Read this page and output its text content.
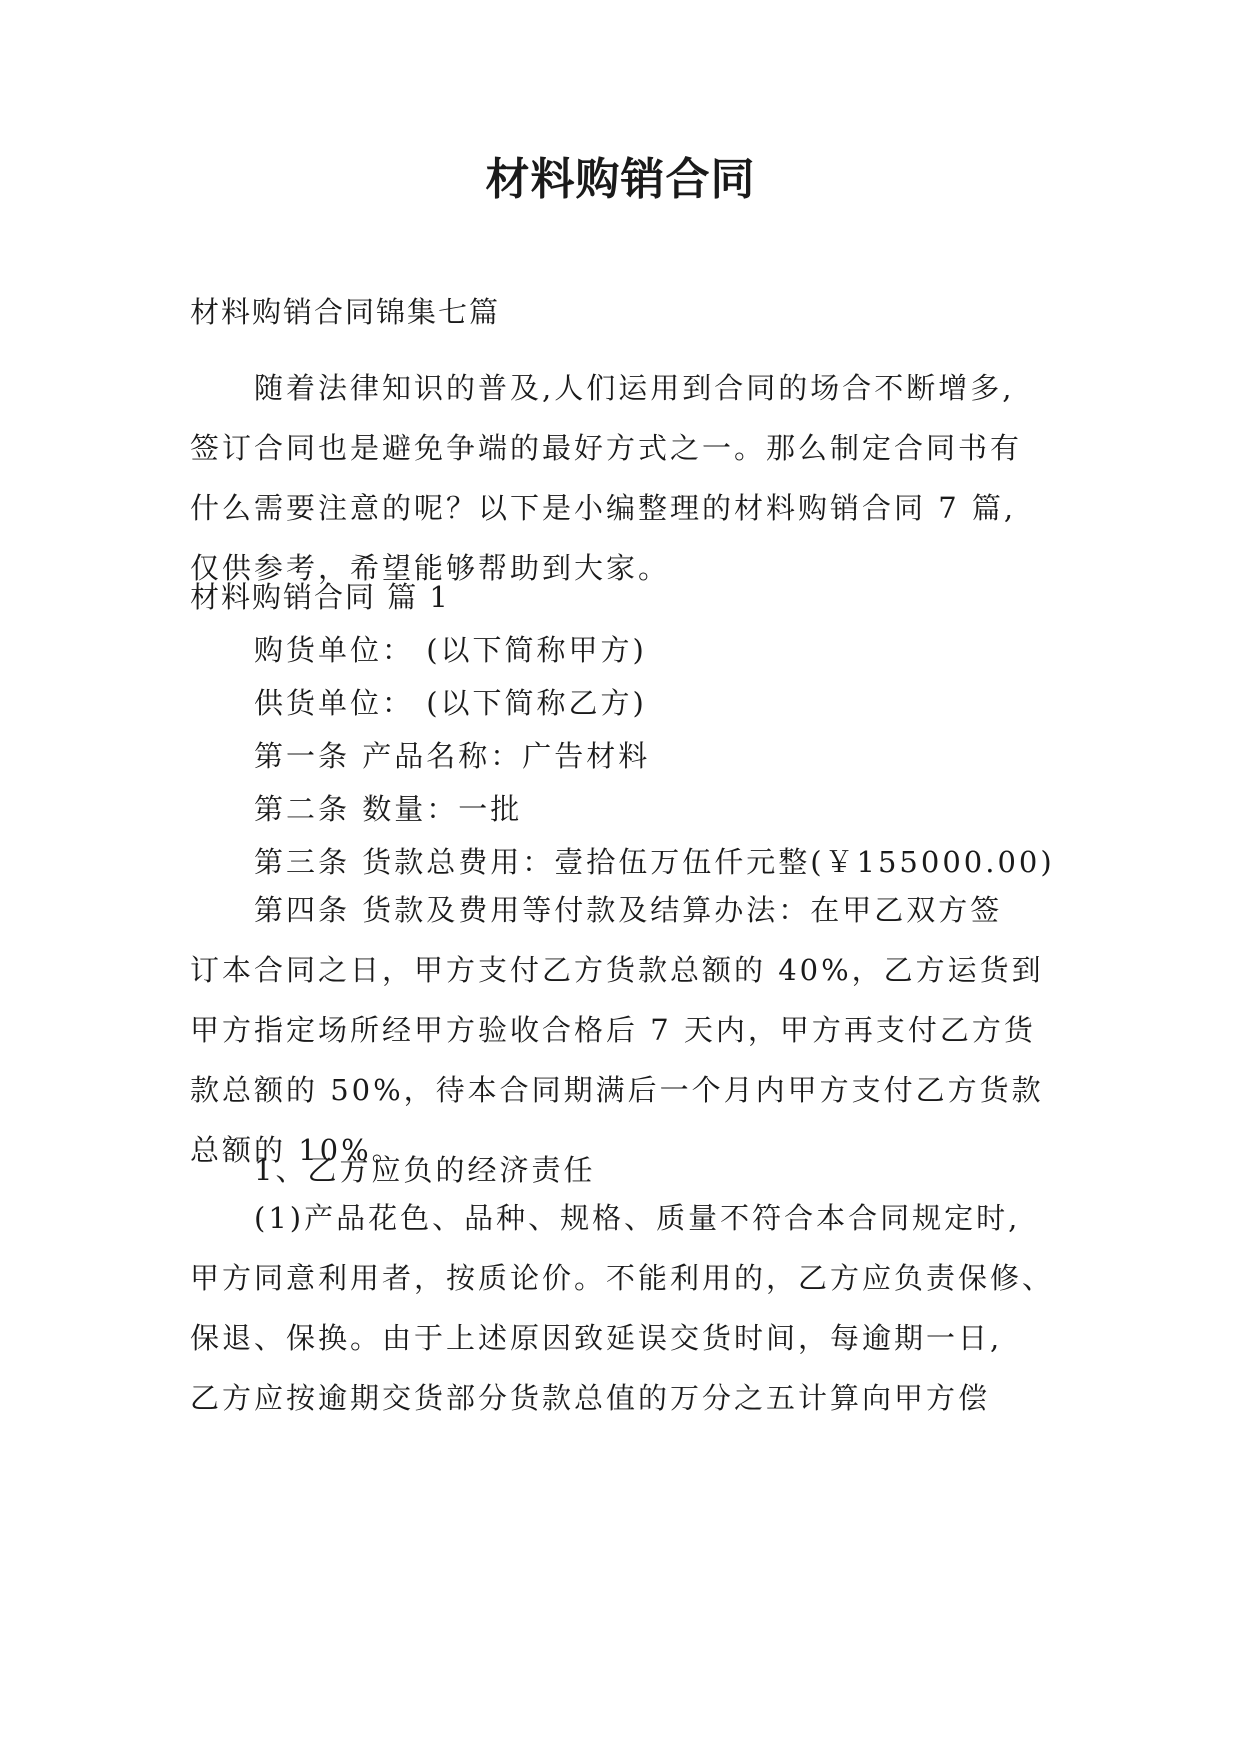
材料购销合同
材料购销合同锦集七篇
随着法律知识的普及,人们运用到合同的场合不断增多,
签订合同也是避免争端的最好方式之一。那么制定合同书有
什么需要注意的呢？以下是小编整理的材料购销合同 7 篇,
仅供参考，希望能够帮助到大家。
材料购销合同 篇 1
购货单位： (以下简称甲方)
供货单位： (以下简称乙方)
第一条 产品名称：广告材料
第二条 数量：一批
第三条 货款总费用：壹拾伍万伍仟元整(￥155000.00)
第四条 货款及费用等付款及结算办法：在甲乙双方签
订本合同之日，甲方支付乙方货款总额的 40%，乙方运货到
甲方指定场所经甲方验收合格后 7 天内，甲方再支付乙方货
款总额的 50%，待本合同期满后一个月内甲方支付乙方货款
总额的 10%。
1、乙方应负的经济责任
(1)产品花色、品种、规格、质量不符合本合同规定时,
甲方同意利用者，按质论价。不能利用的，乙方应负责保修、
保退、保换。由于上述原因致延误交货时间，每逾期一日,
乙方应按逾期交货部分货款总值的万分之五计算向甲方偿
